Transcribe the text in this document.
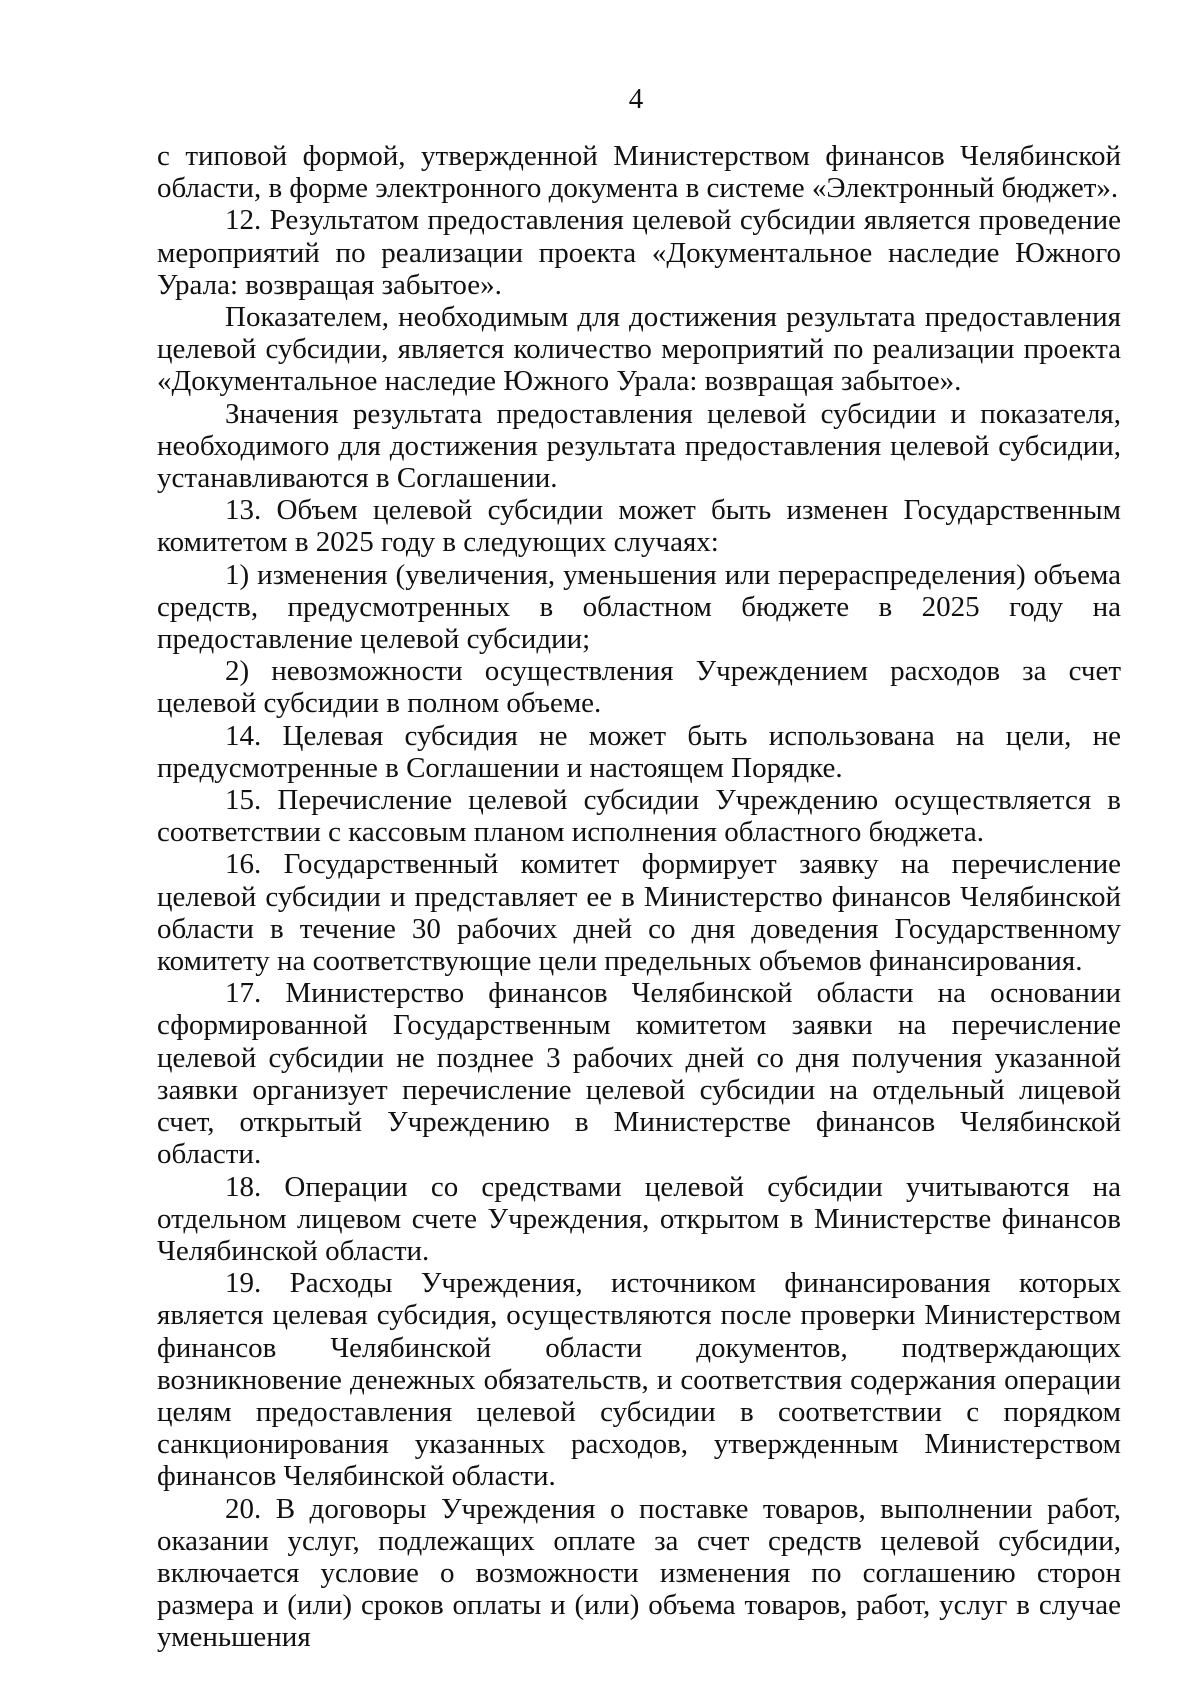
4

с типовой формой, утвержденной Министерством финансов Челябинской области, в форме электронного документа в системе «Электронный бюджет».

12. Результатом предоставления целевой субсидии является проведение мероприятий по реализации проекта «Документальное наследие Южного Урала: возвращая забытое».

Показателем, необходимым для достижения результата предоставления целевой субсидии, является количество мероприятий по реализации проекта «Документальное наследие Южного Урала: возвращая забытое».

Значения результата предоставления целевой субсидии и показателя, необходимого для достижения результата предоставления целевой субсидии, устанавливаются в Соглашении.

13. Объем целевой субсидии может быть изменен Государственным комитетом в 2025 году в следующих случаях:

1) изменения (увеличения, уменьшения или перераспределения) объема средств, предусмотренных в областном бюджете в 2025 году на предоставление целевой субсидии;

2) невозможности осуществления Учреждением расходов за счет целевой субсидии в полном объеме.

14. Целевая субсидия не может быть использована на цели, не предусмотренные в Соглашении и настоящем Порядке.

15. Перечисление целевой субсидии Учреждению осуществляется в соответствии с кассовым планом исполнения областного бюджета.

16. Государственный комитет формирует заявку на перечисление целевой субсидии и представляет ее в Министерство финансов Челябинской области в течение 30 рабочих дней со дня доведения Государственному комитету на соответствующие цели предельных объемов финансирования.

17. Министерство финансов Челябинской области на основании сформированной Государственным комитетом заявки на перечисление целевой субсидии не позднее 3 рабочих дней со дня получения указанной заявки организует перечисление целевой субсидии на отдельный лицевой счет, открытый Учреждению в Министерстве финансов Челябинской области.

18. Операции со средствами целевой субсидии учитываются на отдельном лицевом счете Учреждения, открытом в Министерстве финансов Челябинской области.

19. Расходы Учреждения, источником финансирования которых является целевая субсидия, осуществляются после проверки Министерством финансов Челябинской области документов, подтверждающих возникновение денежных обязательств, и соответствия содержания операции целям предоставления целевой субсидии в соответствии с порядком санкционирования указанных расходов, утвержденным Министерством финансов Челябинской области.

20. В договоры Учреждения о поставке товаров, выполнении работ, оказании услуг, подлежащих оплате за счет средств целевой субсидии, включается условие о возможности изменения по соглашению сторон размера и (или) сроков оплаты и (или) объема товаров, работ, услуг в случае уменьшения
